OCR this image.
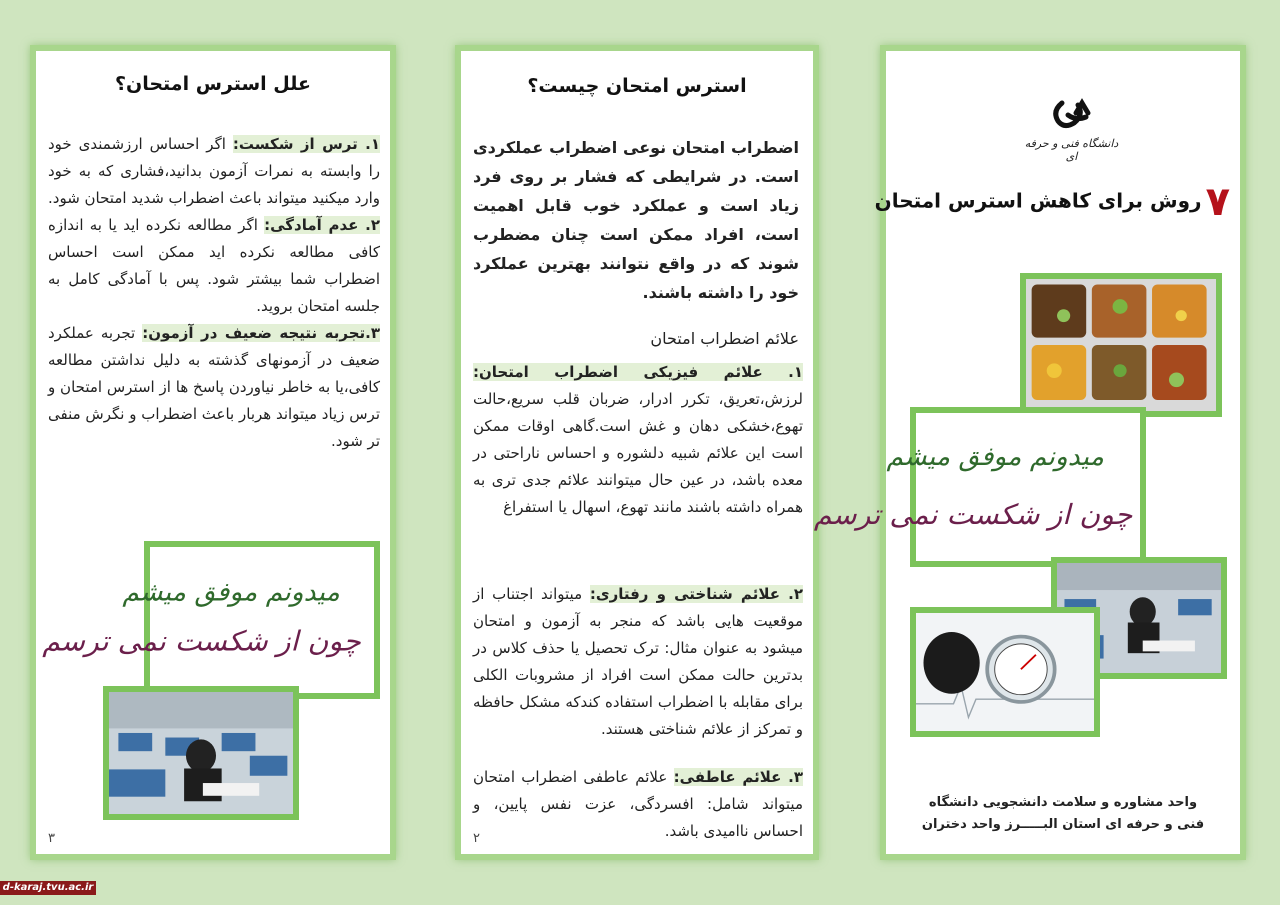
علل استرس امتحان؟
۱. ترس از شکست: اگر احساس ارزشمندی خود را وابسته به نمرات آزمون بدانید،فشاری که به خود وارد میکنید میتواند باعث اضطراب شدید امتحان شود.
۲. عدم آمادگی: اگر مطالعه نکرده اید یا به اندازه کافی مطالعه نکرده اید ممکن است احساس اضطراب شما بیشتر شود. پس با آمادگی کامل به جلسه امتحان بروید.
۳.تجربه نتیجه ضعیف در آزمون: تجربه عملکرد ضعیف در آزمونهای گذشته به دلیل نداشتن مطالعه کافی،یا به خاطر نیاوردن پاسخ ها از استرس امتحان و ترس زیاد میتواند هربار باعث اضطراب و نگرش منفی تر شود.
میدونم موفق میشم
چون از شکست نمی ترسم
۳
استرس امتحان چیست؟
اضطراب امتحان نوعی اضطراب عملکردی است. در شرایطی که فشار بر روی فرد زیاد است و عملکرد خوب قابل اهمیت است، افراد ممکن است چنان مضطرب شوند که در واقع نتوانند بهترین عملکرد خود را داشته باشند.
علائم اضطراب امتحان
۱. علائم فیزیکی اضطراب امتحان: لرزش،تعریق، تکرر ادرار، ضربان قلب سریع،حالت تهوع،خشکی دهان و غش است.گاهی اوقات ممکن است این علائم شبیه دلشوره و احساس ناراحتی در معده باشد، در عین حال میتوانند علائم جدی تری به همراه داشته باشند مانند تهوع، اسهال یا استفراغ
۲. علائم شناختی و رفتاری: میتواند اجتناب از موقعیت هایی باشد که منجر به آزمون و امتحان میشود به عنوان مثال: ترک تحصیل یا حذف کلاس در بدترین حالت ممکن است افراد از مشروبات الکلی برای مقابله با اضطراب استفاده کندکه مشکل حافظه و تمرکز از علائم شناختی هستند.
۳. علائم عاطفی: علائم عاطفی اضطراب امتحان میتواند شامل: افسردگی، عزت نفس پایین، و احساس ناامیدی باشد.
۲
دانشگاه فنی و حرفه ای
۷روش برای کاهش استرس امتحان
میدونم موفق میشم
چون از شکست نمی ترسم
واحد مشاوره و سلامت دانشجویی دانشگاه
فنی و حرفه ای استان البـــــرز واحد دختران
d-karaj.tvu.ac.ir
